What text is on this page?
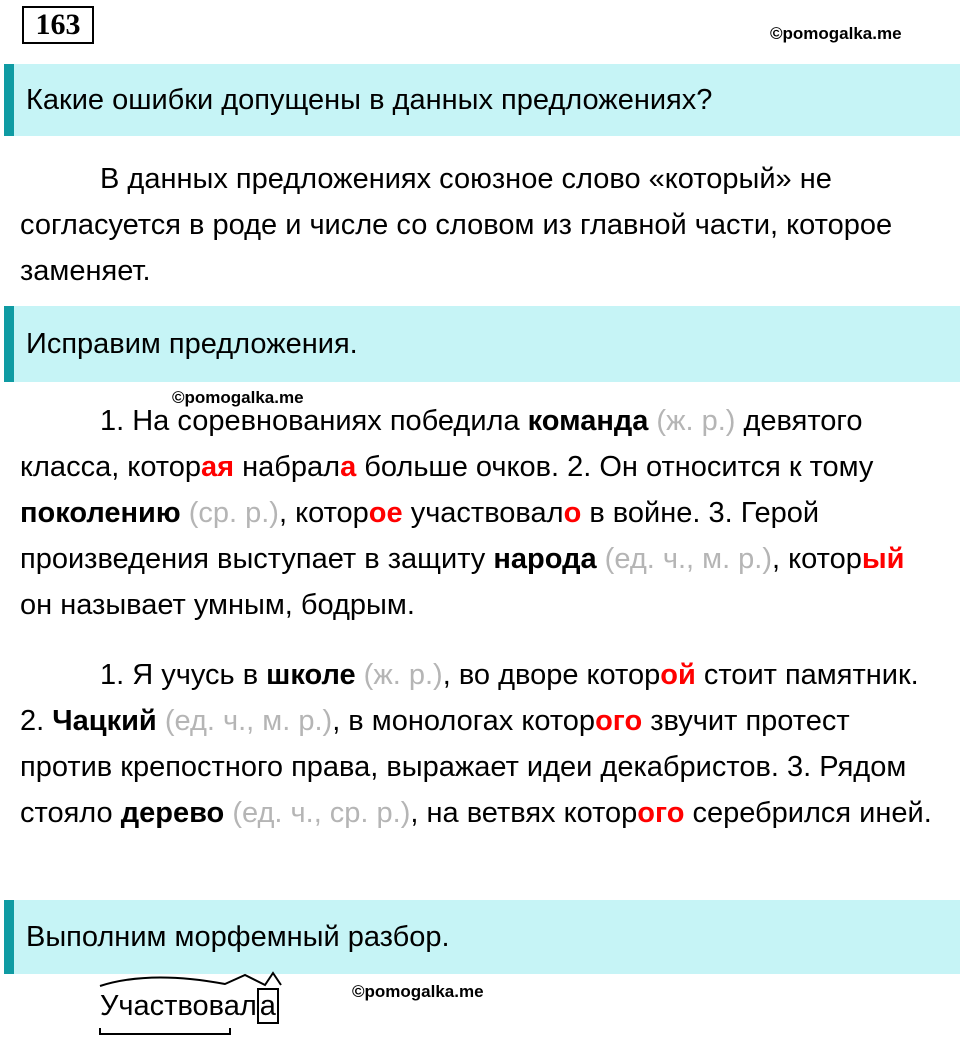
163	©pomogalka.me
Какие ошибки допущены в данных предложениях?
В данных предложениях союзное слово «который» не согласуется в роде и числе со словом из главной части, которое заменяет.
Исправим предложения.
©pomogalka.me
1. На соревнованиях победила команда (ж. р.) девятого класса, которая набрала больше очков. 2. Он относится к тому поколению (ср. р.), которое участвовало в войне. 3. Герой произведения выступает в защиту народа (ед. ч., м. р.), который он называет умным, бодрым.
1. Я учусь в школе (ж. р.), во дворе которой стоит памятник. 2. Чацкий (ед. ч., м. р.), в монологах которого звучит протест против крепостного права, выражает идеи декабристов. 3. Рядом стояло дерево (ед. ч., ср. р.), на ветвях которого серебрился иней.
Выполним морфемный разбор.
Участвовал а	©pomogalka.me
